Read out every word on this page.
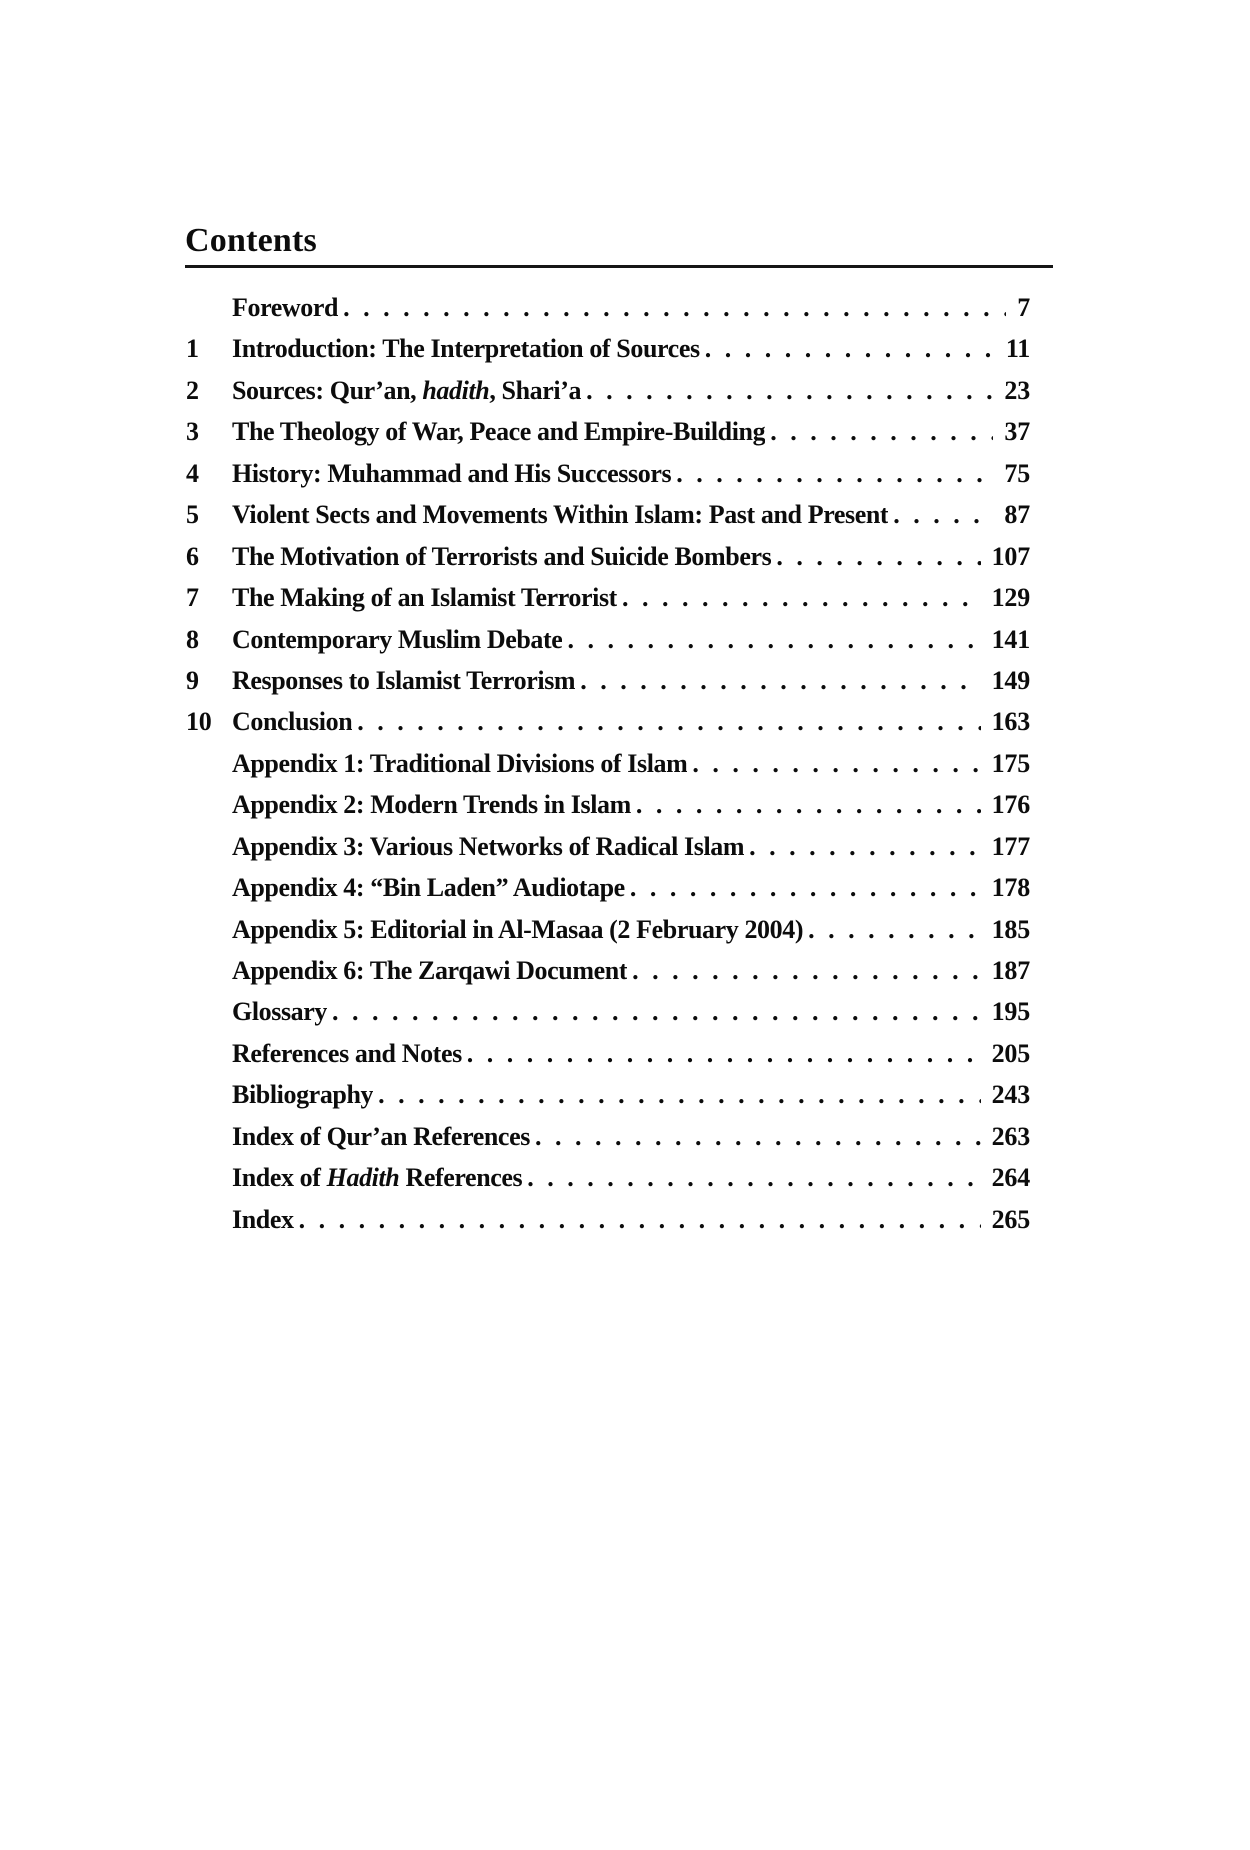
Contents
Foreword . . .	7
1	Introduction: The Interpretation of Sources . . .	11
2	Sources: Qur’an, hadith, Shari’a . . .	23
3	The Theology of War, Peace and Empire-Building . . .	37
4	History: Muhammad and His Successors . . .	75
5	Violent Sects and Movements Within Islam: Past and Present . . .	87
6	The Motivation of Terrorists and Suicide Bombers . . .	107
7	The Making of an Islamist Terrorist . . .	129
8	Contemporary Muslim Debate . . .	141
9	Responses to Islamist Terrorism . . .	149
10 Conclusion . . .	163
Appendix 1: Traditional Divisions of Islam . . .	175
Appendix 2: Modern Trends in Islam . . .	176
Appendix 3: Various Networks of Radical Islam . . .	177
Appendix 4: “Bin Laden” Audiotape . . .	178
Appendix 5: Editorial in Al-Masaa (2 February 2004) . . .	185
Appendix 6: The Zarqawi Document . . .	187
Glossary . . .	195
References and Notes . . .	205
Bibliography . . .	243
Index of Qur’an References . . .	263
Index of Hadith References . . .	264
Index . . .	265
